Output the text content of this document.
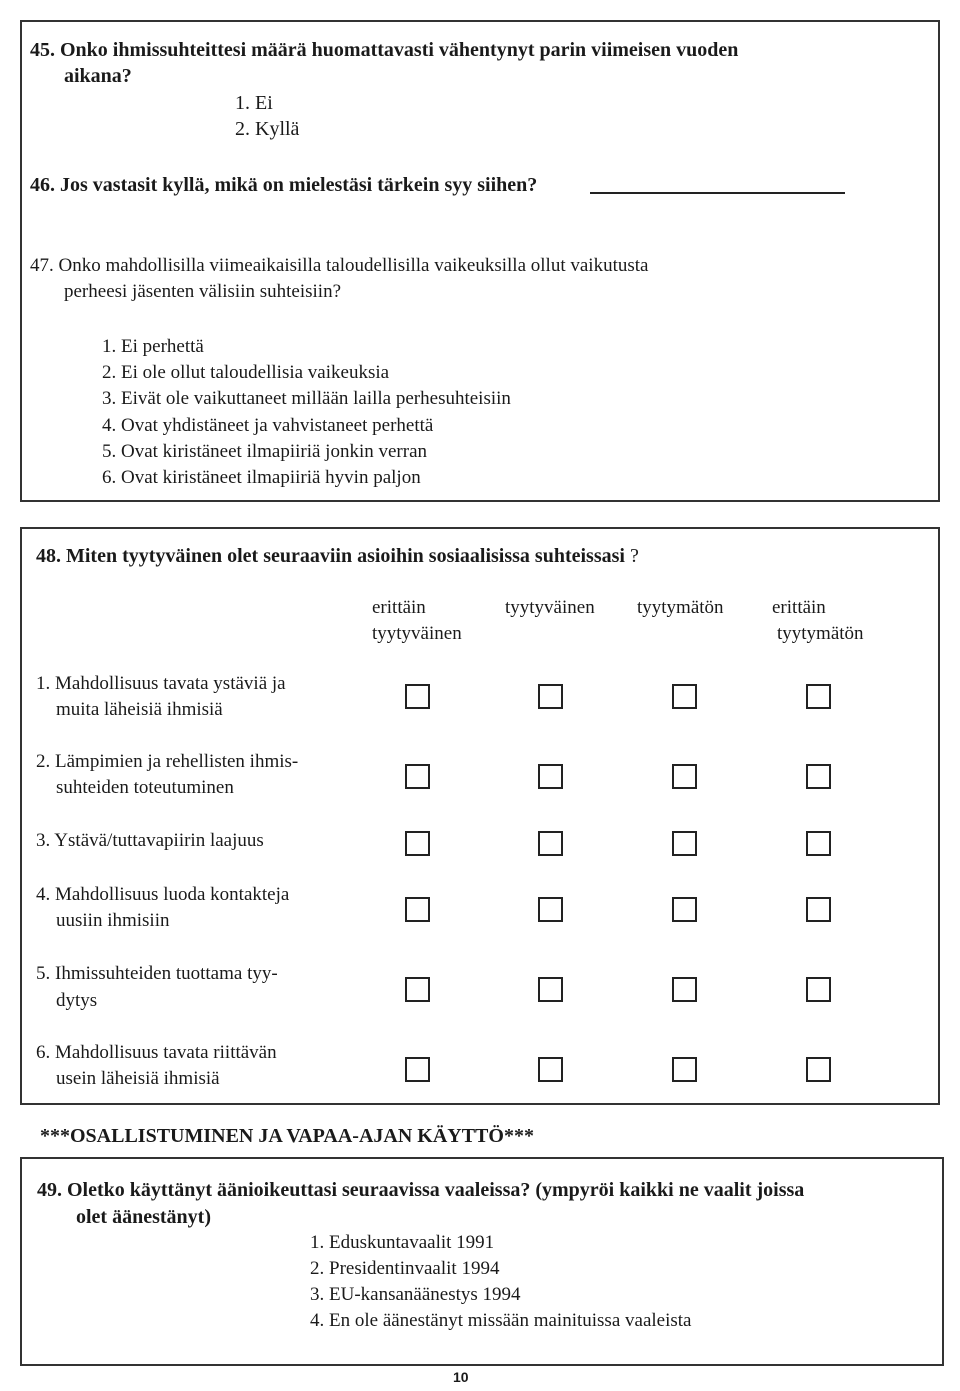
45. Onko ihmissuhteittesi määrä huomattavasti vähentynyt parin viimeisen vuoden
aikana?
1. Ei
2. Kyllä
46. Jos vastasit kyllä, mikä on mielestäsi tärkein syy siihen?
47. Onko mahdollisilla viimeaikaisilla taloudellisilla vaikeuksilla ollut vaikutusta
perheesi jäsenten välisiin suhteisiin?
1. Ei perhettä
2. Ei ole ollut taloudellisia vaikeuksia
3. Eivät ole vaikuttaneet millään lailla perhesuhteisiin
4. Ovat yhdistäneet ja vahvistaneet perhettä
5. Ovat kiristäneet ilmapiiriä jonkin verran
6. Ovat kiristäneet ilmapiiriä hyvin paljon
48. Miten tyytyväinen olet seuraaviin asioihin sosiaalisissa suhteissasi ?
erittäin
tyytyväinen
tyytyväinen tyytymätön	erittäin
tyytymätön
1. Mahdollisuus tavata ystäviä ja
muita läheisiä ihmisiä
2. Lämpimien ja rehellisten ihmis-
suhteiden toteutuminen
3. Ystävä/tuttavapiirin laajuus
4. Mahdollisuus luoda kontakteja
uusiin ihmisiin
5. Ihmissuhteiden tuottama tyy-
dytys
6. Mahdollisuus tavata riittävän
usein läheisiä ihmisiä
***OSALLISTUMINEN JA VAPAA-AJAN KÄYTTÖ***
49. Oletko käyttänyt äänioikeuttasi seuraavissa vaaleissa? (ympyröi kaikki ne vaalit joissa
olet äänestänyt)
1. Eduskuntavaalit 1991
2. Presidentinvaalit 1994
3. EU-kansanäänestys 1994
4. En ole äänestänyt missään mainituissa vaaleista
10
